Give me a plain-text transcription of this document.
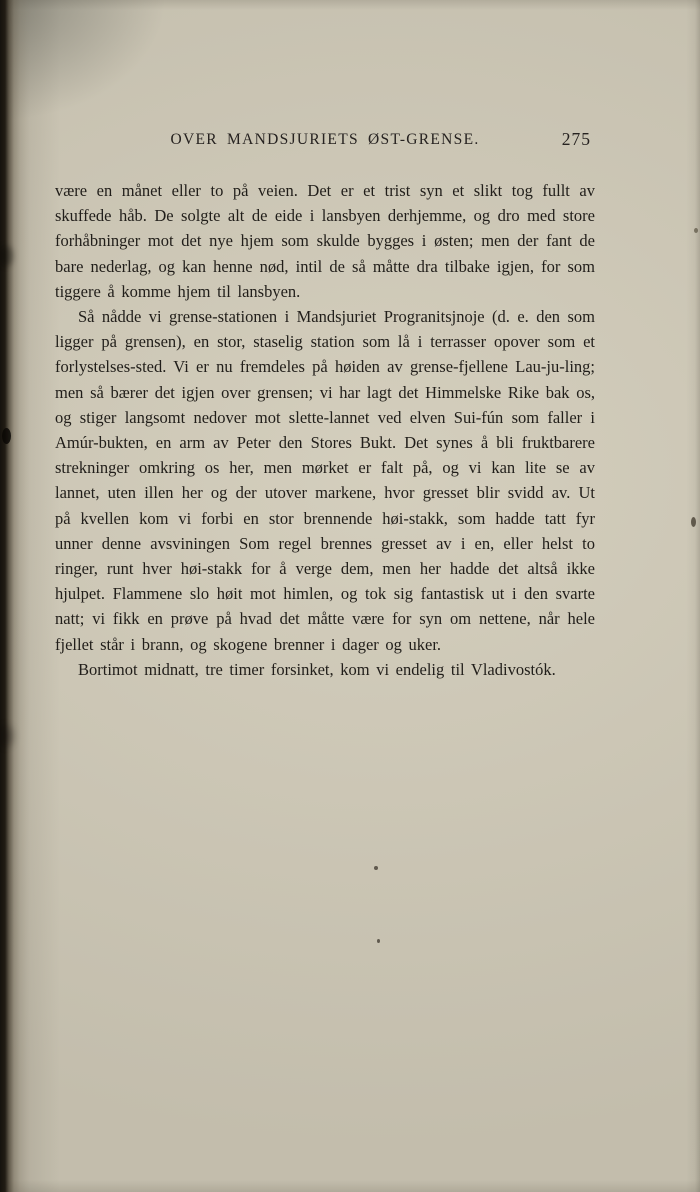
OVER MANDSJURIETS ØST-GRENSE.	275

være en månet eller to på veien. Det er et trist syn et slikt tog fullt av skuffede håb. De solgte alt de eide i lansbyen derhjemme, og dro med store forhåbninger mot det nye hjem som skulde bygges i østen; men der fant de bare nederlag, og kan henne nød, intil de så måtte dra tilbake igjen, for som tiggere å komme hjem til lansbyen.

Så nådde vi grense-stationen i Mandsjuriet Progranitsjnoje (d. e. den som ligger på grensen), en stor, staselig station som lå i terrasser opover som et forlystelses-sted. Vi er nu fremdeles på høiden av grense-fjellene Lau-ju-ling; men så bærer det igjen over grensen; vi har lagt det Himmelske Rike bak os, og stiger langsomt nedover mot slette-lannet ved elven Sui-fún som faller i Amúr-bukten, en arm av Peter den Stores Bukt. Det synes å bli fruktbarere strekninger omkring os her, men mørket er falt på, og vi kan lite se av lannet, uten illen her og der utover markene, hvor gresset blir svidd av. Ut på kvellen kom vi forbi en stor brennende høi-stakk, som hadde tatt fyr unner denne avsviningen Som regel brennes gresset av i en, eller helst to ringer, runt hver høi-stakk for å verge dem, men her hadde det altså ikke hjulpet. Flammene slo høit mot himlen, og tok sig fantastisk ut i den svarte natt; vi fikk en prøve på hvad det måtte være for syn om nettene, når hele fjellet står i brann, og skogene brenner i dager og uker.

Bortimot midnatt, tre timer forsinket, kom vi endelig til Vladivostók.
